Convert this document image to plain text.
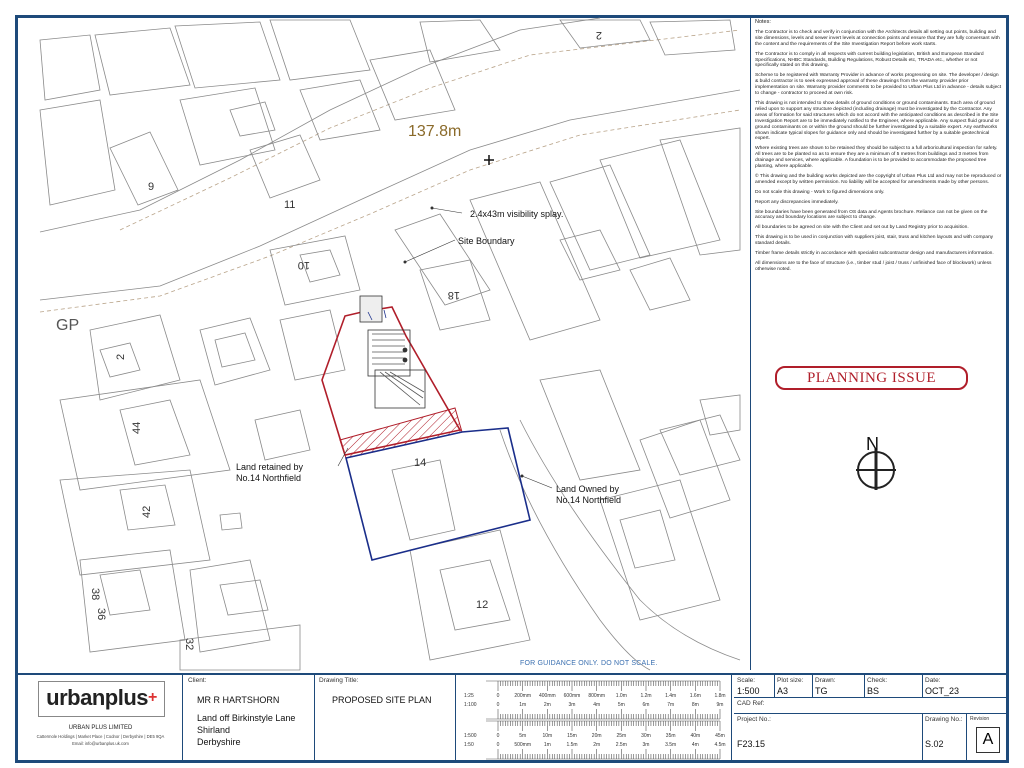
137.8m
GP
2.4x43m visibility splay.
Site Boundary
Land retained by
No.14 Northfield
Land Owned by
No.14 Northfield
N
9
11
10
18
2
44
42
14
38
36
32
12
2
Notes:

The Contractor is to check and verify in conjunction with the Architects details all setting out points, building and site dimensions, levels and sewer invert levels at connection points and ensure that they are fully conversant with the content and the requirements of the Site Investigation Report before work starts.

The Contractor is to comply in all respects with current building legislation, British and European Standard Specifications, NHBC Standards, Building Regulations, Robust Details etc, TRADA etc., whether or not specifically stated on this drawing.

Scheme to be registered with Warranty Provider in advance of works progressing on site. The developer / design & build contractor is to seek expressed approval of these drawings from the warranty provider prior implementation on site. Warranty provider comments to be provided to Urban Plus Ltd in advance - details subject to change - contractor to proceed at own risk.

This drawing is not intended to show details of ground conditions or ground contaminants. Each area of ground relied upon to support any structure depicted (including drainage) must be investigated by the Contractor. Any areas of formation for said structures which do not accord with the anticipated conditions as described in the Site Investigation Report are to be immediately notified to the Engineer, where applicable. Any suspect fluid ground or ground contaminants on or within the ground should be further investigated by a suitable expert. Any earthworks shown indicate typical slopes for guidance only and should be investigated further by a suitable geotechnical expert.

Where existing trees are shown to be retained they should be subject to a full arboricultural inspection for safety. All trees are to be planted so as to ensure they are a minimum of 5 metres from buildings and 3 metres from drainage and services, where applicable. A foundation is to be provided to accommodate the proposed tree planting, where applicable.

© This drawing and the building works depicted are the copyright of Urban Plus Ltd and may not be reproduced or amended except by written permission. No liability will be accepted for amendments made by other persons.

Do not scale this drawing - Work to figured dimensions only.

Report any discrepancies immediately.

Site boundaries have been generated from OS data and Agents brochure. Reliance can not be given on the accuracy and boundary locations are subject to change.

All boundaries to be agreed on site with the Client and set out by Land Registry prior to acquisition.

This drawing is to be used in conjunction with suppliers joist, stair, truss and kitchen layouts and with company standard details.

Timber frame details strictly in accordance with specialist subcontractor design and manufacturers information.

All dimensions are to the face of structure (i.e., timber stud / joist / truss / unfinished face of blockwork) unless otherwise noted.

PLANNING ISSUE
FOR GUIDANCE ONLY. DO NOT SCALE.
urbanplus+
URBAN PLUS LIMITED
Cattermole Holdings | Market Place | Codnor | Derbyshire | DE5 9QA
Email: info@urbanplus.uk.com
Client:
MR R HARTSHORN
Land off Birkinstyle Lane
Shirland
Derbyshire
Drawing Title:
PROPOSED SITE PLAN	1:25	0	200mm 400mm 600mm 800mm 1.0m	1.2m	1.4m	1.6m	1.8m
1:100	0	1m	2m	3m	4m	5m	6m	7m	8m	9m
1:500	0	5m	10m	15m	20m	25m	30m	35m	40m	45m
1:50	0	500mm	1m	1.5m	2m	2.5m	3m	3.5m	4m	4.5m
Scale:
1:500
Plot size:
A3
Drawn:
TG
Check:
BS
Date:
OCT_23
CAD Ref:
Project No.:
F23.15
Drawing No.:
S.02
Revision
A
